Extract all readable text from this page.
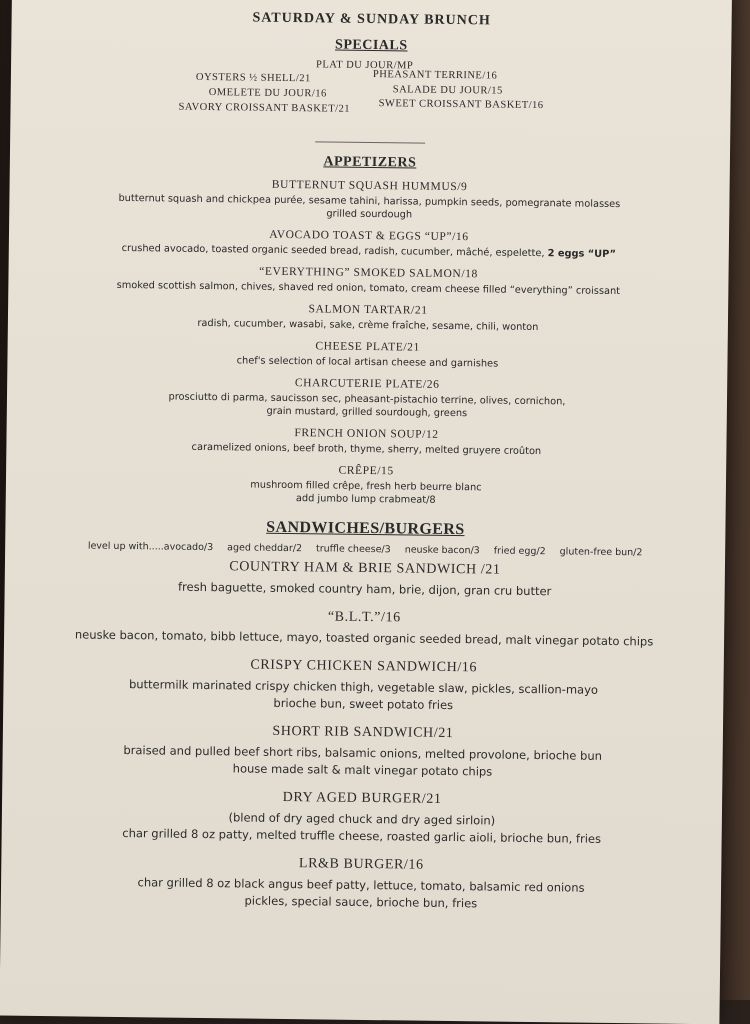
SATURDAY & SUNDAY BRUNCH
SPECIALS
PLAT DU JOUR/MP
OYSTERS ½ SHELL/21	PHEASANT TERRINE/16
OMELETE DU JOUR/16	SALADE DU JOUR/15
SAVORY CROISSANT BASKET/21	SWEET CROISSANT BASKET/16
APPETIZERS
BUTTERNUT SQUASH HUMMUS/9
butternut squash and chickpea purée, sesame tahini, harissa, pumpkin seeds, pomegranate molasses
grilled sourdough
AVOCADO TOAST & EGGS “UP”/16
crushed avocado, toasted organic seeded bread, radish, cucumber, mâché, espelette, 2 eggs “UP”
“EVERYTHING” SMOKED SALMON/18
smoked scottish salmon, chives, shaved red onion, tomato, cream cheese filled “everything” croissant
SALMON TARTAR/21
radish, cucumber, wasabi, sake, crème fraîche, sesame, chili, wonton
CHEESE PLATE/21
chef's selection of local artisan cheese and garnishes
CHARCUTERIE PLATE/26
prosciutto di parma, saucisson sec, pheasant-pistachio terrine, olives, cornichon,
grain mustard, grilled sourdough, greens
FRENCH ONION SOUP/12
caramelized onions, beef broth, thyme, sherry, melted gruyere croûton
CRÊPE/15
mushroom filled crêpe, fresh herb beurre blanc
add jumbo lump crabmeat/8
SANDWICHES/BURGERS
level up with.....avocado/3 aged cheddar/2 truffle cheese/3 neuske bacon/3 fried egg/2 gluten-free bun/2
COUNTRY HAM & BRIE SANDWICH /21
fresh baguette, smoked country ham, brie, dijon, gran cru butter
“B.L.T.”/16
neuske bacon, tomato, bibb lettuce, mayo, toasted organic seeded bread, malt vinegar potato chips
CRISPY CHICKEN SANDWICH/16
buttermilk marinated crispy chicken thigh, vegetable slaw, pickles, scallion-mayo
brioche bun, sweet potato fries
SHORT RIB SANDWICH/21
braised and pulled beef short ribs, balsamic onions, melted provolone, brioche bun
house made salt & malt vinegar potato chips
DRY AGED BURGER/21
(blend of dry aged chuck and dry aged sirloin)
char grilled 8 oz patty, melted truffle cheese, roasted garlic aioli, brioche bun, fries
LR&B BURGER/16
char grilled 8 oz black angus beef patty, lettuce, tomato, balsamic red onions
pickles, special sauce, brioche bun, fries
